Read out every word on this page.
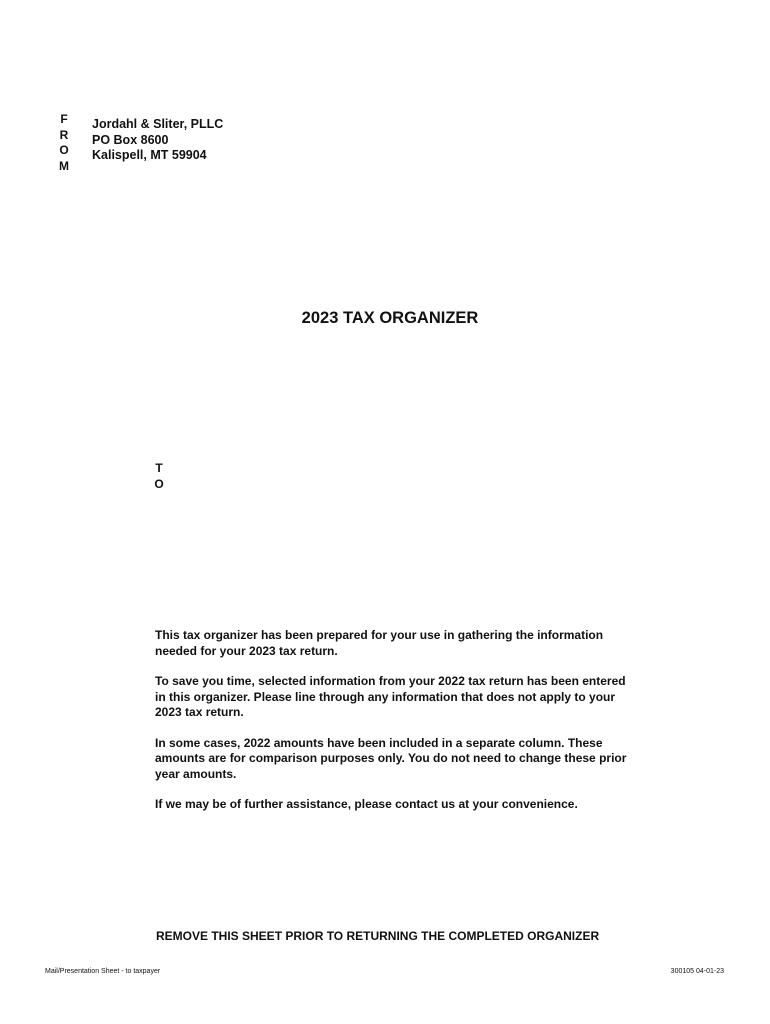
F
R
O
M
Jordahl & Sliter, PLLC
PO Box 8600
Kalispell, MT 59904
2023 TAX ORGANIZER
T
O

This tax organizer has been prepared for your use in gathering the information needed for your 2023 tax return.

To save you time, selected information from your 2022 tax return has been entered in this organizer. Please line through any information that does not apply to your 2023 tax return.

In some cases, 2022 amounts have been included in a separate column. These amounts are for comparison purposes only. You do not need to change these prior year amounts.

If we may be of further assistance, please contact us at your convenience.

REMOVE THIS SHEET PRIOR TO RETURNING THE COMPLETED ORGANIZER
Mail/Presentation Sheet - to taxpayer	300105 04-01-23
